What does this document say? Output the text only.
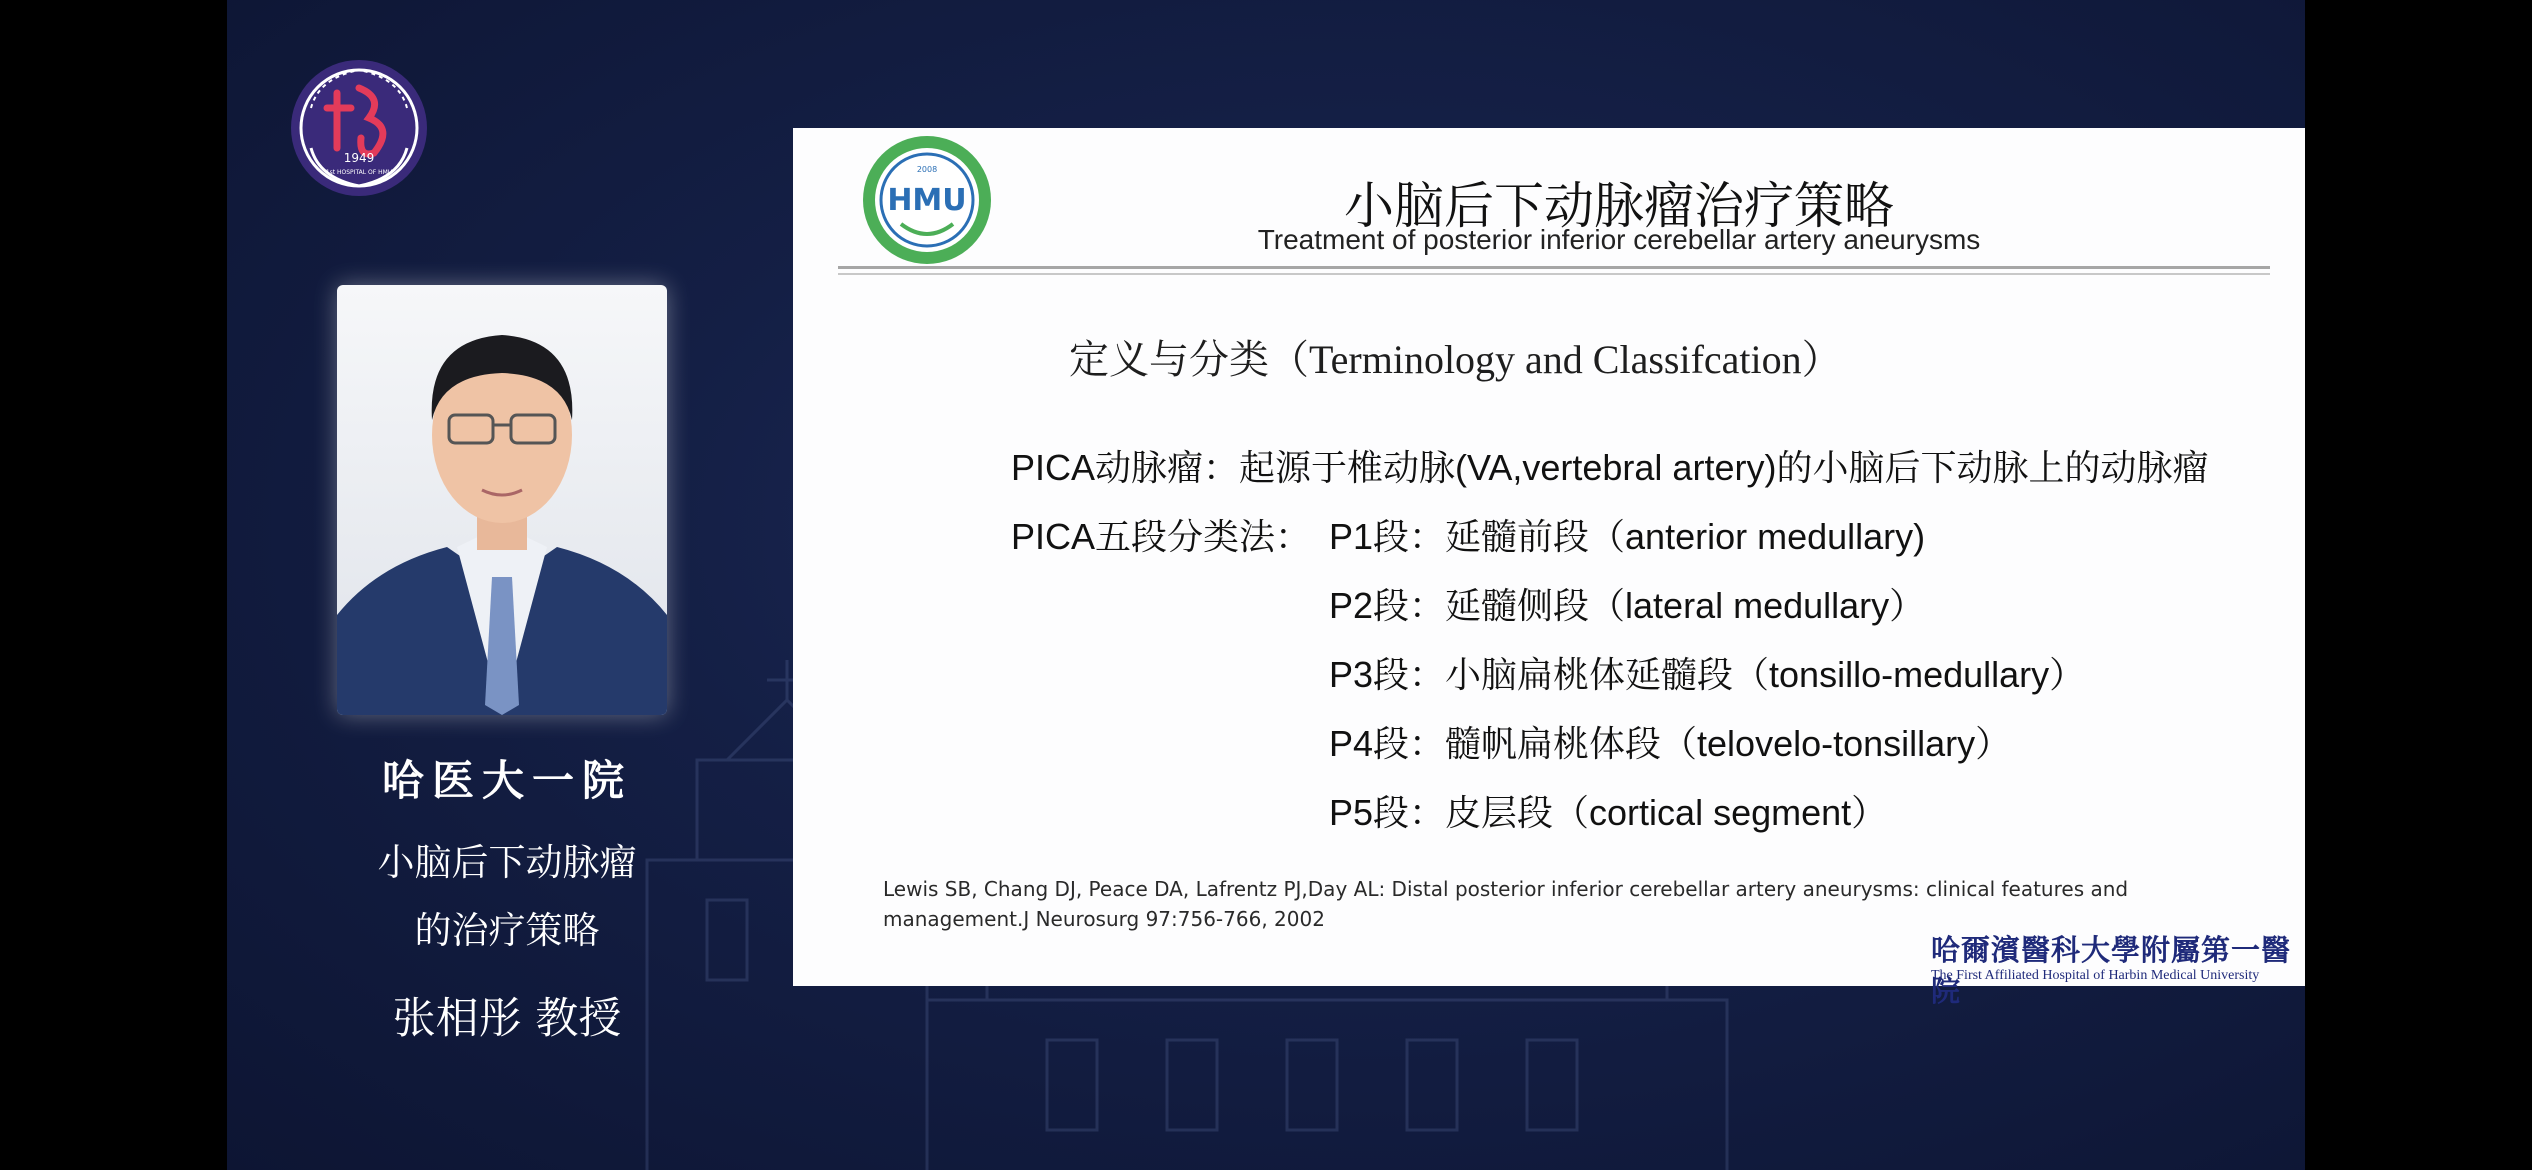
1949
1st HOSPITAL OF HMU
哈医大一院
小脑后下动脉瘤
的治疗策略
张相彤 教授
2008
HMU	小脑后下动脉瘤治疗策略
Treatment of posterior inferior cerebellar artery aneurysms
定义与分类（Terminology and Classifcation）
PICA动脉瘤：起源于椎动脉(VA,vertebral artery)的小脑后下动脉上的动脉瘤
PICA五段分类法： P1段：延髓前段（anterior medullary)
P2段：延髓侧段（lateral medullary）
P3段：小脑扁桃体延髓段（tonsillo-medullary）
P4段：髓帆扁桃体段（telovelo-tonsillary）
P5段：皮层段（cortical segment）
Lewis SB, Chang DJ, Peace DA, Lafrentz PJ,Day AL: Distal posterior inferior cerebellar artery aneurysms: clinical features and
management.J Neurosurg 97:756-766, 2002
哈爾濱醫科大學附屬第一醫院
The First Affiliated Hospital of Harbin Medical University
